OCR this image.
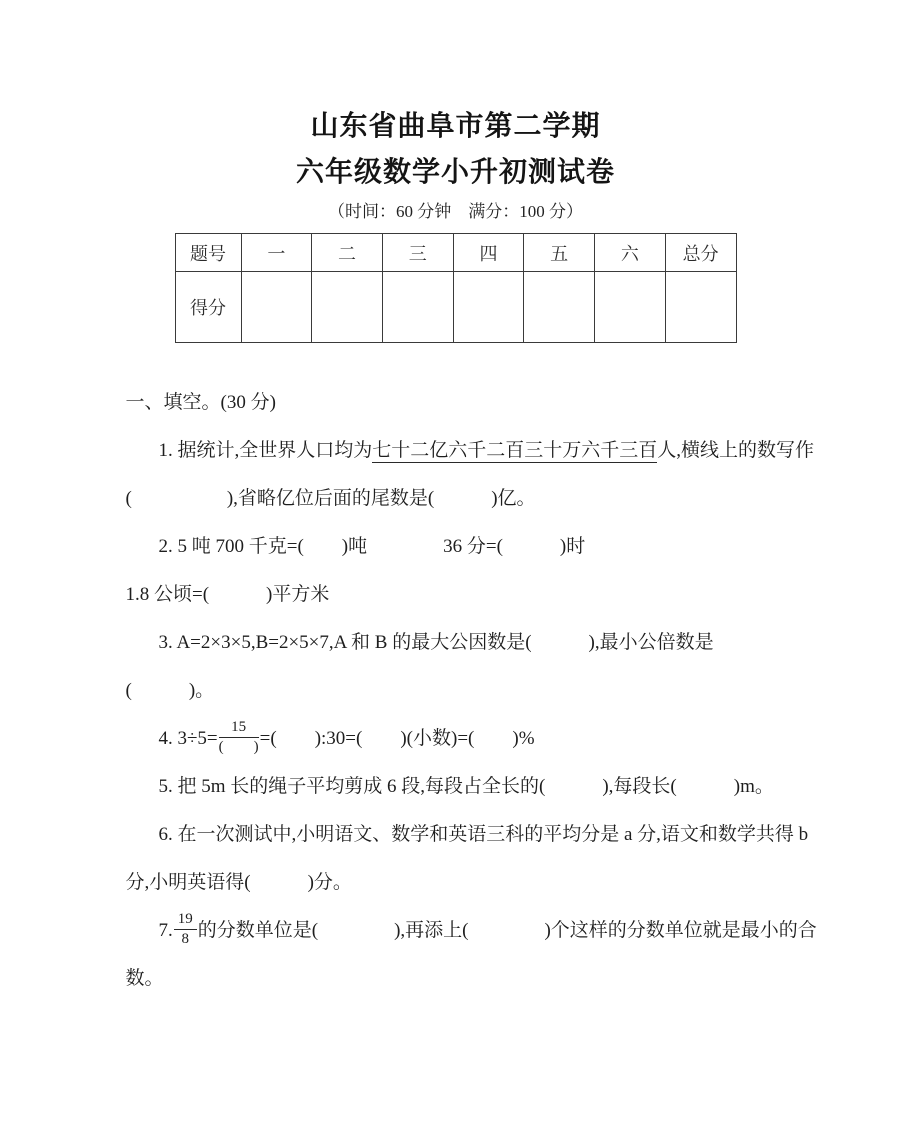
山东省曲阜市第二学期
六年级数学小升初测试卷
（时间：60 分钟　满分：100 分）
题号	一	二	三	四	五	六	总分
得分							
一、填空。(30 分)
1. 据统计,全世界人口均为七十二亿六千二百三十万六千三百人,横线上的数写作
(　　　　　),省略亿位后面的尾数是(　　　)亿。
2. 5 吨 700 千克=(　　)吨　　　　36 分=(　　　)时
1.8 公顷=(　　　)平方米
3. A=2×3×5,B=2×5×7,A 和 B 的最大公因数是(　　　),最小公倍数是
(　　　)。
4. $3\div 5= \frac{15}{( )}$ =(　　):30=(　　)(小数)=(　　)%
5. 把 5m 长的绳子平均剪成 6 段,每段占全长的(　　　),每段长(　　　)m。
6. 在一次测试中,小明语文、数学和英语三科的平均分是 a 分,语文和数学共得 b
分,小明英语得(　　　)分。
7. $\frac{19}{8}$ 的分数单位是(　　　　),再添上(　　　　)个这样的分数单位就是最小的合
数。
